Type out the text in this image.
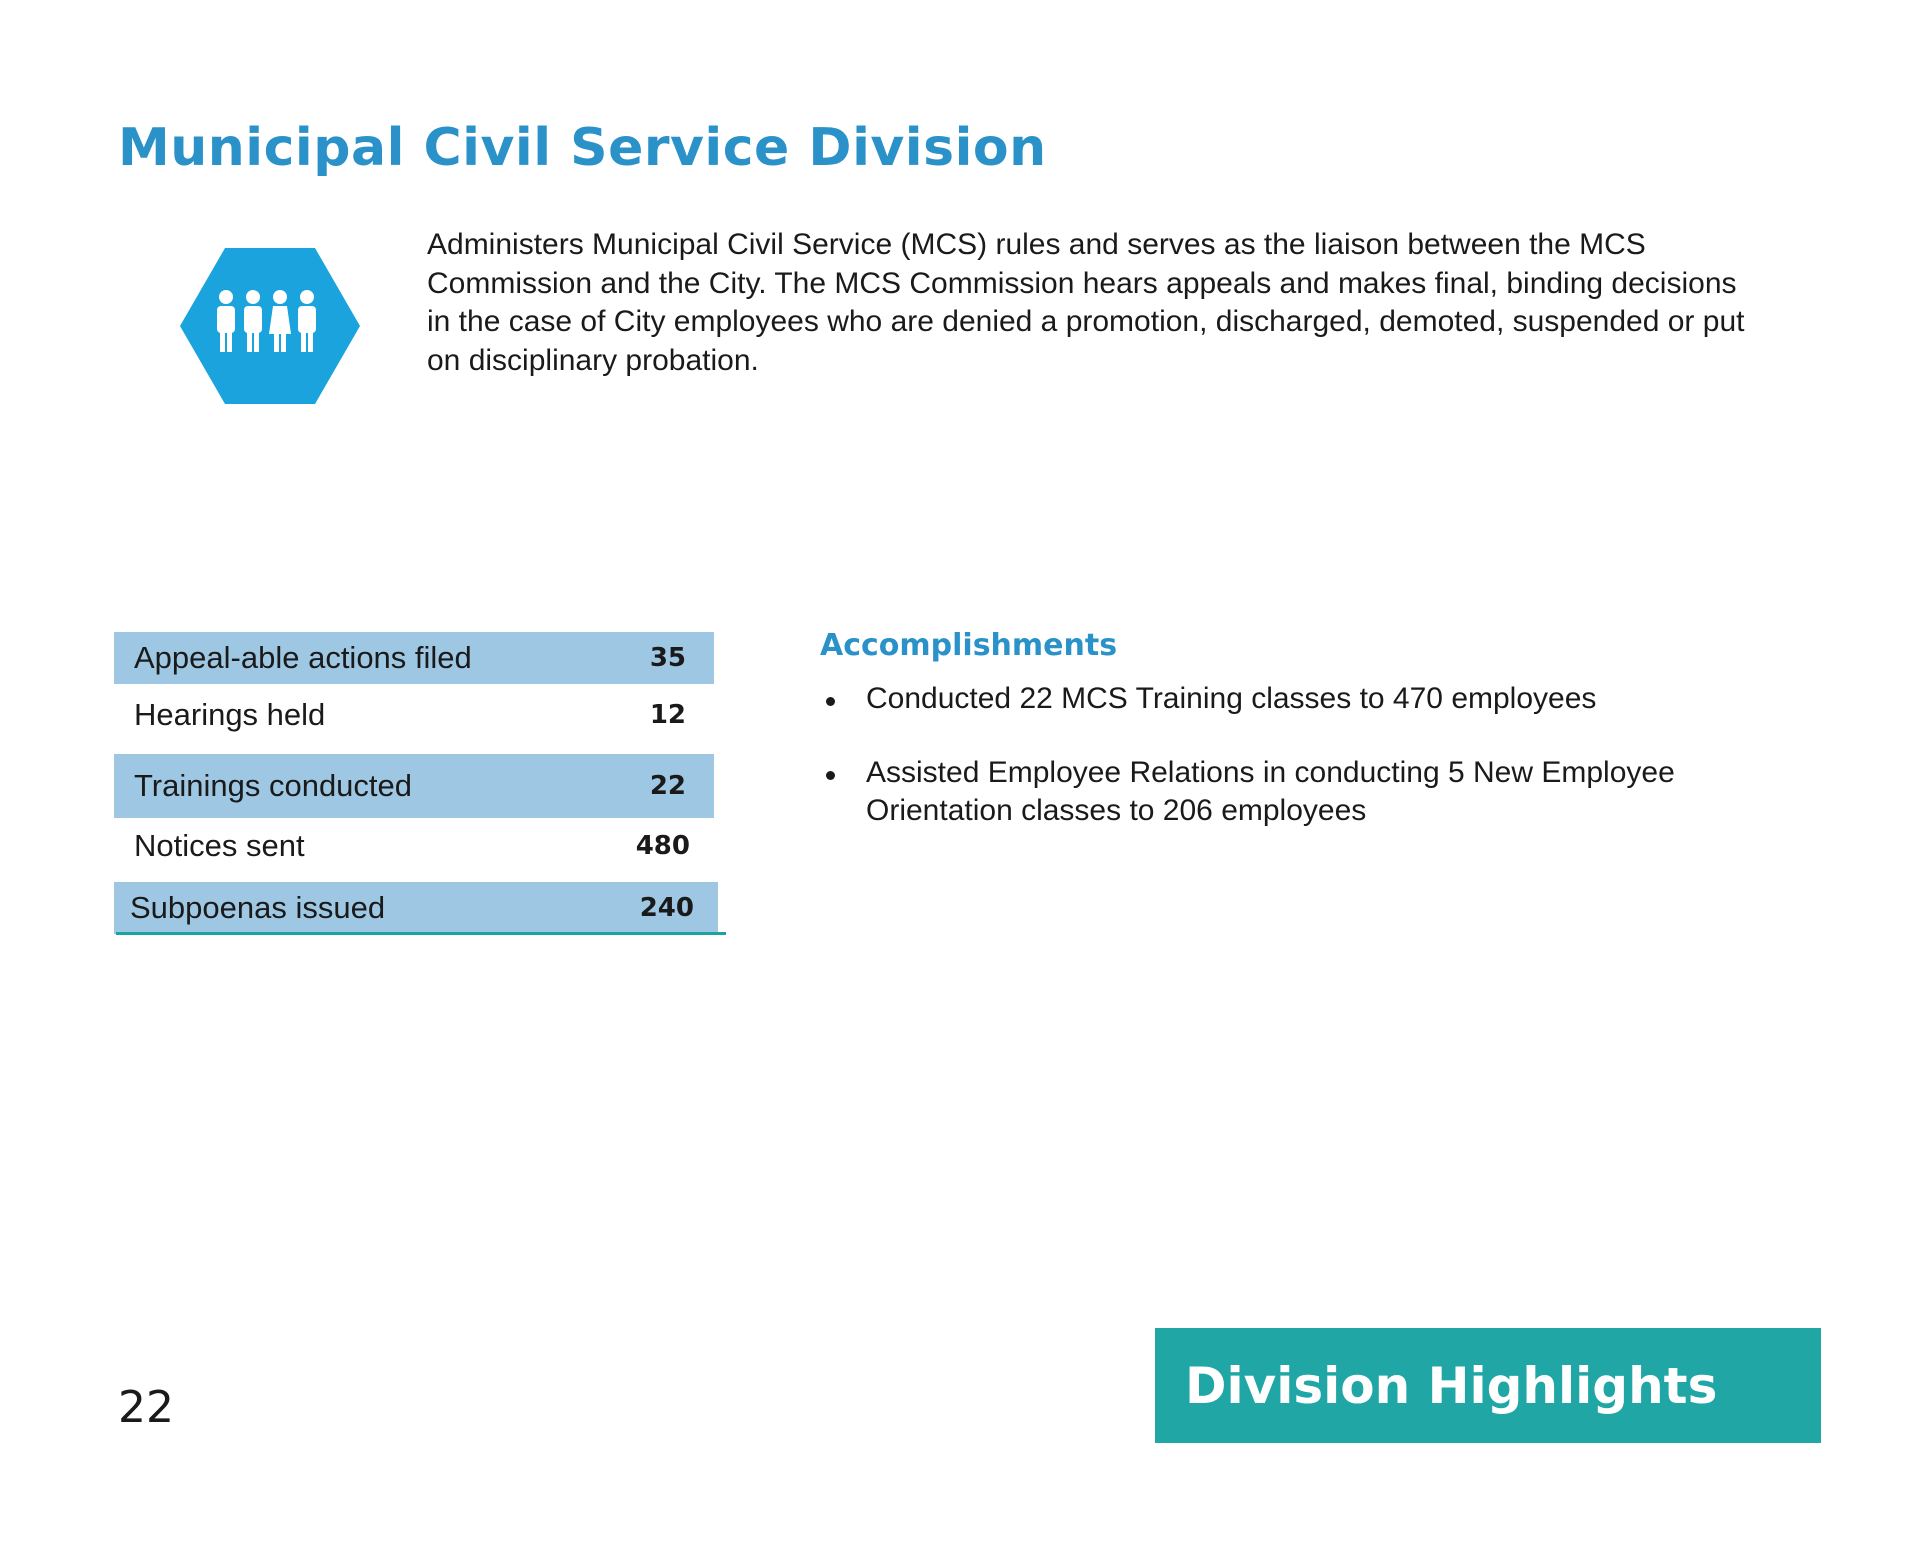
Municipal Civil Service Division
Administers Municipal Civil Service (MCS) rules and serves as the liaison between the MCS Commission and the City. The MCS Commission hears appeals and makes final, binding decisions in the case of City employees who are denied a promotion, discharged, demoted, suspended or put on disciplinary probation.
Appeal-able actions filed	35
Hearings held	12
Trainings conducted	22
Notices sent	480
Subpoenas issued	240
Accomplishments
Conducted 22 MCS Training classes to 470 employees
Assisted Employee Relations in conducting 5 New Employee Orientation classes to 206 employees
22	Division Highlights
